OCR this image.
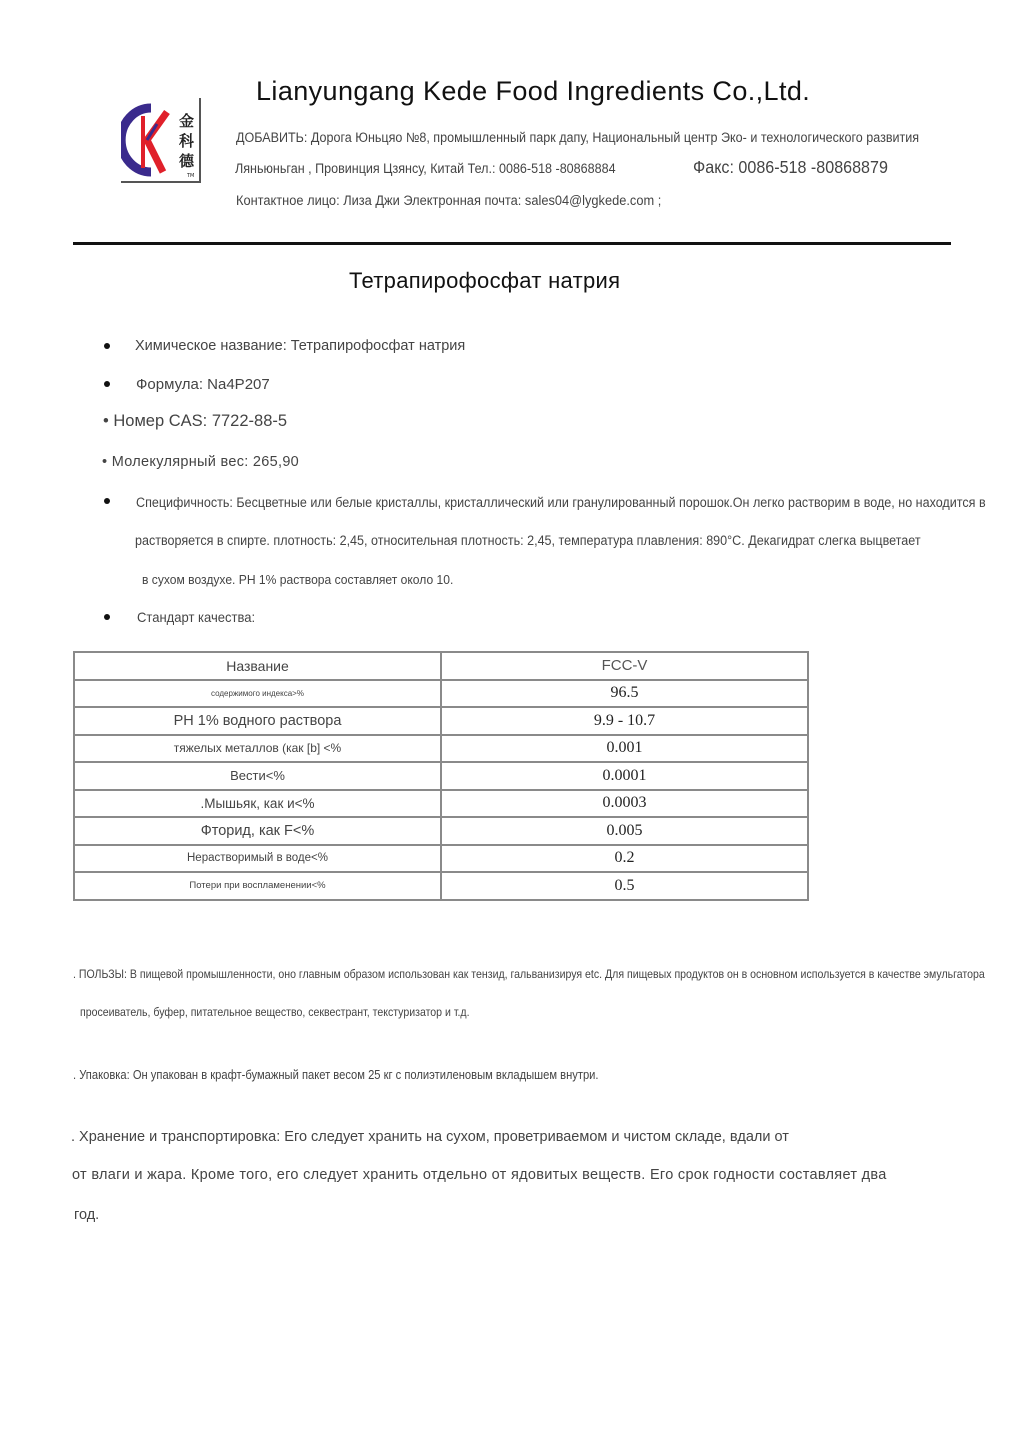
金
科
德
TM
Lianyungang Kede Food Ingredients Co.,Ltd.
ДОБАВИТЬ: Дорога Юньцяо №8, промышленный парк дапу, Национальный центр Эко- и технологического развития
Ляньюньган , Провинция Цзянсу, Китай Тел.: 0086-518 -80868884	Факс: 0086-518 -80868879
Контактное лицо: Лиза Джи Электронная почта: sales04@lygkede.com ;
Тетрапирофосфат натрия
Химическое название: Тетрапирофосфат натрия
Формула: Na4P207
• Номер CAS: 7722-88-5
• Молекулярный вес: 265,90
Специфичность: Бесцветные или белые кристаллы, кристаллический или гранулированный порошок.Он легко растворим в воде, но находится в
растворяется в спирте. плотность: 2,45, относительная плотность: 2,45, температура плавления: 890°C. Декагидрат слегка выцветает
в сухом воздухе. PH 1% раствора составляет около 10.
Стандарт качества:
Название	FCC-V
содержимого индекса>%	96.5
PH 1% водного раствора	9.9 - 10.7
тяжелых металлов (как [b] <%	0.001
Вести<%	0.0001
.Мышьяк, как и<%	0.0003
Фторид, как F<%	0.005
Нерастворимый в воде<%	0.2
Потери при воспламенении<%	0.5
. ПОЛЬЗЫ: В пищевой промышленности, оно главным образом использован как тензид, гальванизируя etc. Для пищевых продуктов он в основном используется в качестве эмульгатора
просеиватель, буфер, питательное вещество, секвестрант, текстуризатор и т.д.
. Упаковка: Он упакован в крафт-бумажный пакет весом 25 кг с полиэтиленовым вкладышем внутри.
. Хранение и транспортировка: Его следует хранить на сухом, проветриваемом и чистом складе, вдали от
от влаги и жара. Кроме того, его следует хранить отдельно от ядовитых веществ. Его срок годности составляет два
год.
